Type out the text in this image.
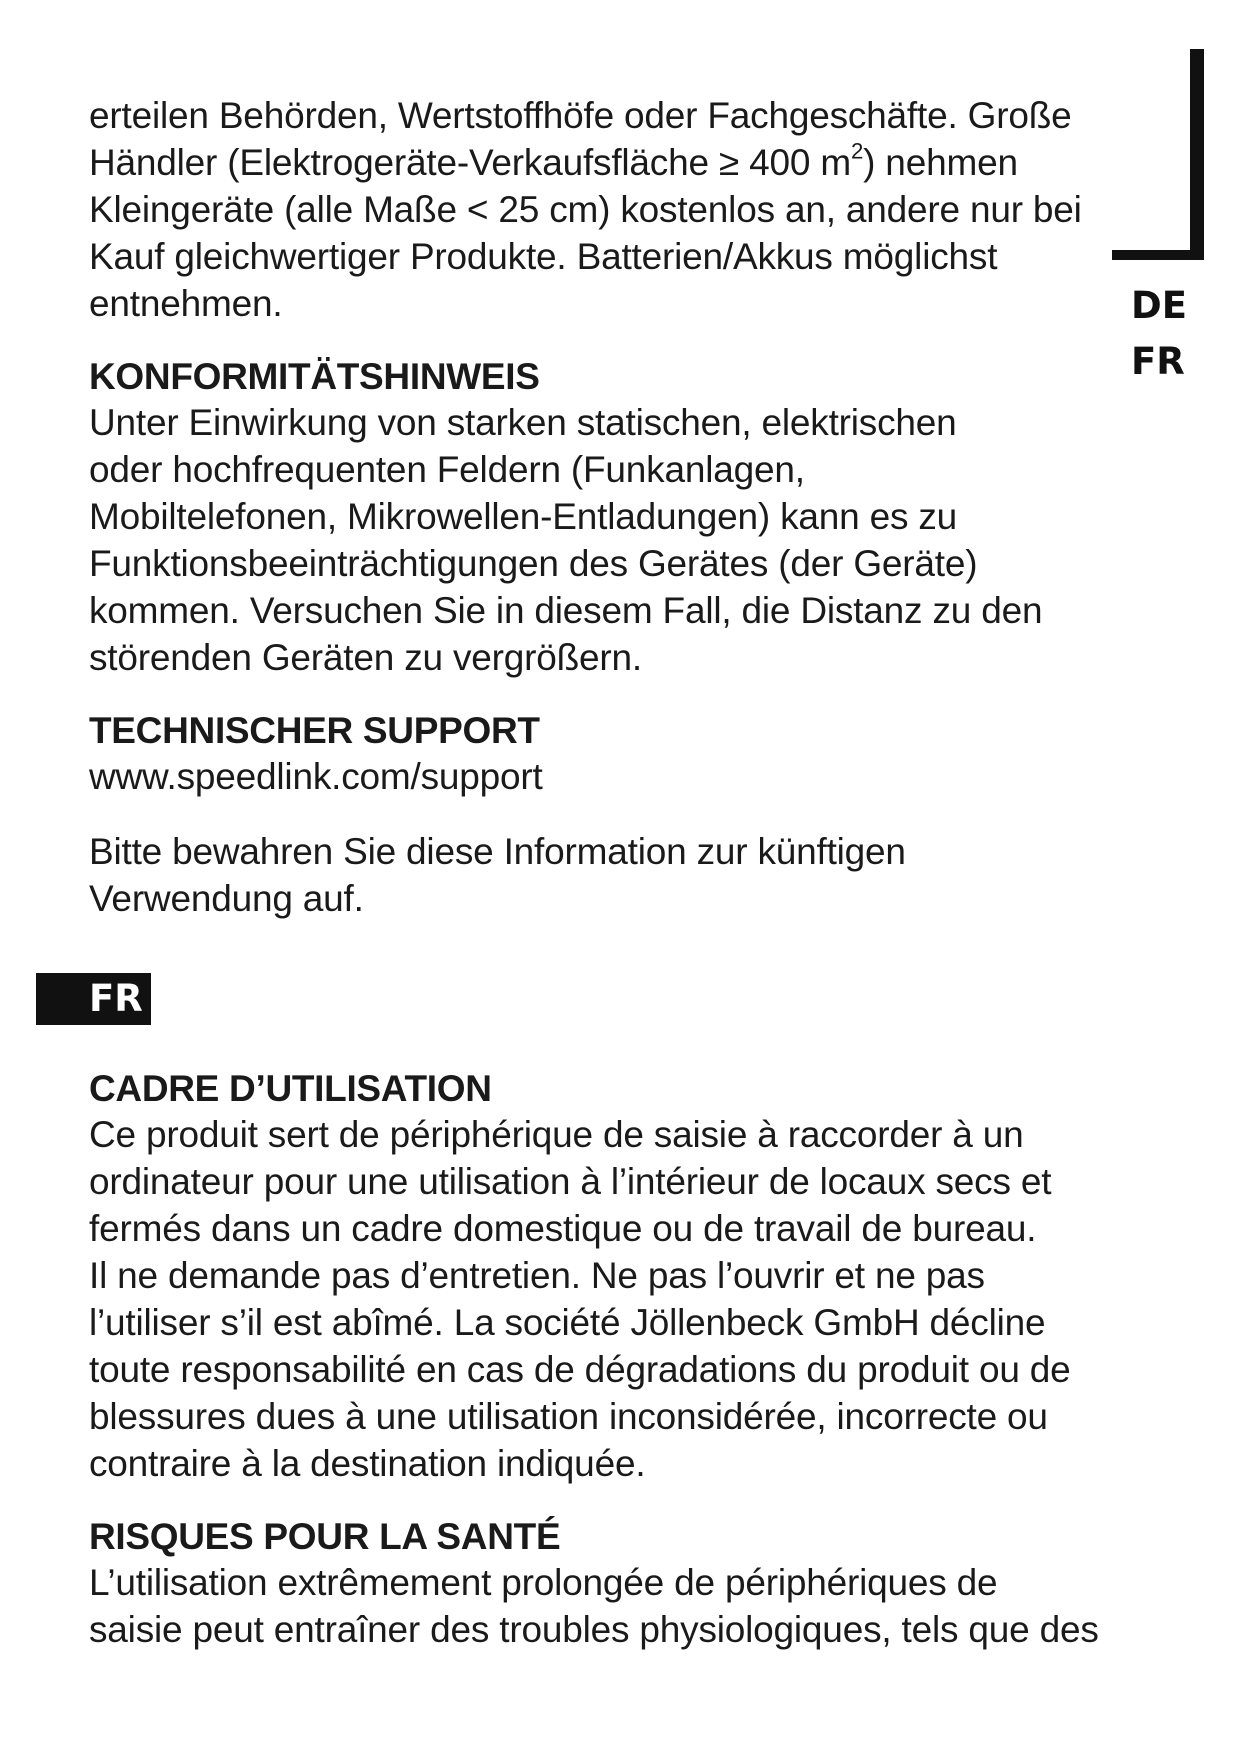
DE
FR
FR

erteilen Behörden, Wertstoffhöfe oder Fachgeschäfte. Große

Händler (Elektrogeräte-Verkaufsfläche ≥ 400 $m^2$) nehmen

Kleingeräte (alle Maße < 25 cm) kostenlos an, andere nur bei

Kauf gleichwertiger Produkte. Batterien/Akkus möglichst

entnehmen.

KONFORMITÄTSHINWEIS

Unter Einwirkung von starken statischen, elektrischen

oder hochfrequenten Feldern (Funkanlagen,

Mobiltelefonen, Mikrowellen-Entladungen) kann es zu

Funktionsbeeinträchtigungen des Gerätes (der Geräte)

kommen. Versuchen Sie in diesem Fall, die Distanz zu den

störenden Geräten zu vergrößern.

TECHNISCHER SUPPORT

www.speedlink.com/support

Bitte bewahren Sie diese Information zur künftigen

Verwendung auf.

CADRE D’UTILISATION

Ce produit sert de périphérique de saisie à raccorder à un

ordinateur pour une utilisation à l’intérieur de locaux secs et

fermés dans un cadre domestique ou de travail de bureau.

Il ne demande pas d’entretien. Ne pas l’ouvrir et ne pas

l’utiliser s’il est abîmé. La société Jöllenbeck GmbH décline

toute responsabilité en cas de dégradations du produit ou de

blessures dues à une utilisation inconsidérée, incorrecte ou

contraire à la destination indiquée.

RISQUES POUR LA SANTÉ

L’utilisation extrêmement prolongée de périphériques de

saisie peut entraîner des troubles physiologiques, tels que des
